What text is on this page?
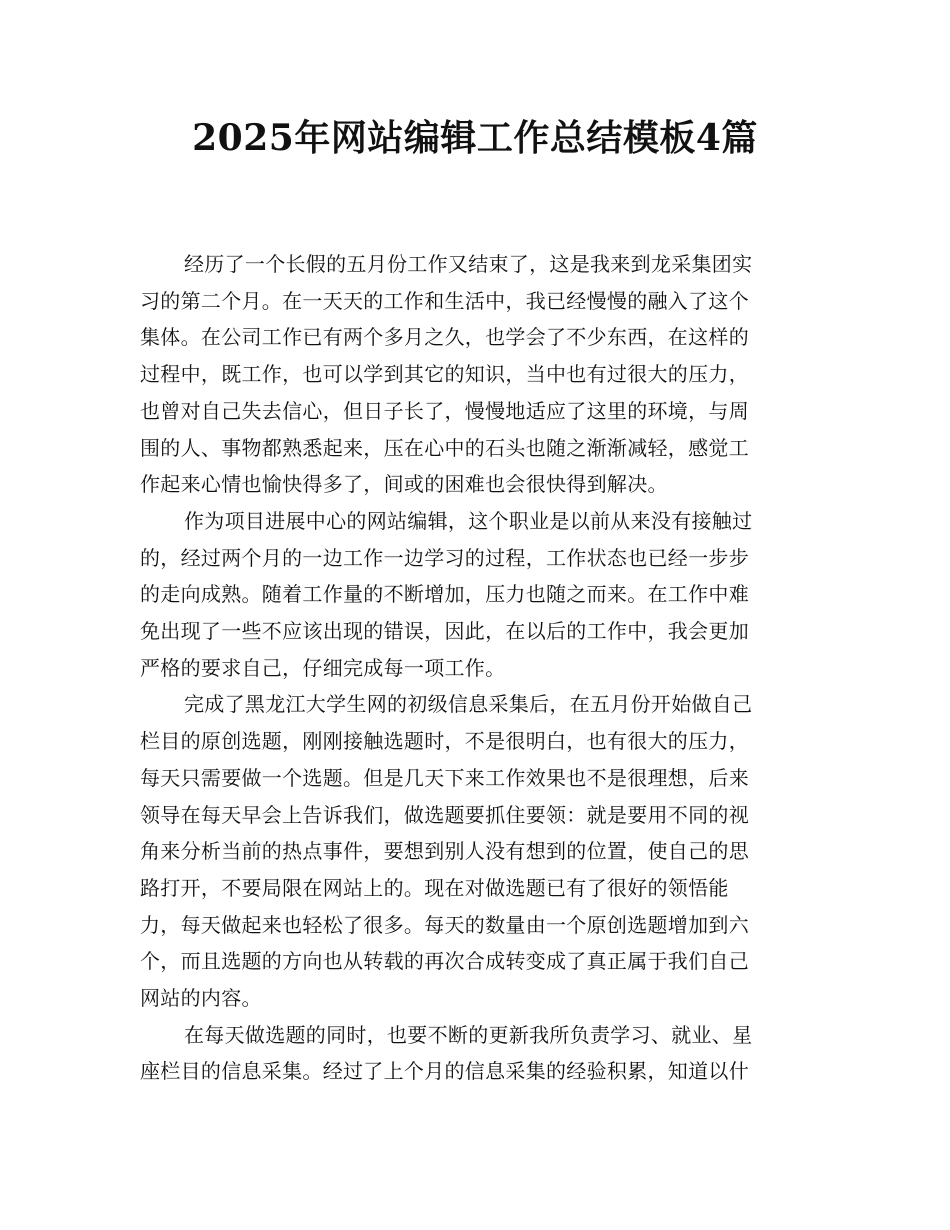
2025年网站编辑工作总结模板4篇

经历了一个长假的五月份工作又结束了，这是我来到龙采集团实
习的第二个月。在一天天的工作和生活中，我已经慢慢的融入了这个
集体。在公司工作已有两个多月之久，也学会了不少东西，在这样的
过程中，既工作，也可以学到其它的知识，当中也有过很大的压力，
也曾对自己失去信心，但日子长了，慢慢地适应了这里的环境，与周
围的人、事物都熟悉起来，压在心中的石头也随之渐渐减轻，感觉工
作起来心情也愉快得多了，间或的困难也会很快得到解决。

作为项目进展中心的网站编辑，这个职业是以前从来没有接触过
的，经过两个月的一边工作一边学习的过程，工作状态也已经一步步
的走向成熟。随着工作量的不断增加，压力也随之而来。在工作中难
免出现了一些不应该出现的错误，因此，在以后的工作中，我会更加
严格的要求自己，仔细完成每一项工作。

完成了黑龙江大学生网的初级信息采集后，在五月份开始做自己
栏目的原创选题，刚刚接触选题时，不是很明白，也有很大的压力，
每天只需要做一个选题。但是几天下来工作效果也不是很理想，后来
领导在每天早会上告诉我们，做选题要抓住要领：就是要用不同的视
角来分析当前的热点事件，要想到别人没有想到的位置，使自己的思
路打开，不要局限在网站上的。现在对做选题已有了很好的领悟能
力，每天做起来也轻松了很多。每天的数量由一个原创选题增加到六
个，而且选题的方向也从转载的再次合成转变成了真正属于我们自己
网站的内容。

在每天做选题的同时，也要不断的更新我所负责学习、就业、星
座栏目的信息采集。经过了上个月的信息采集的经验积累，知道以什
